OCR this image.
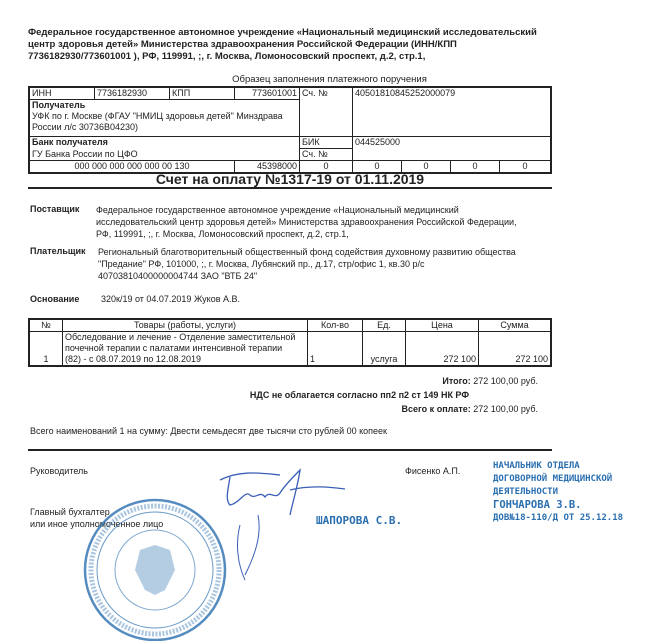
Федеральное государственное автономное учреждение «Национальный медицинский исследовательский
центр здоровья детей» Министерства здравоохранения Российской Федерации (ИНН/КПП
7736182930/773601001 ), РФ, 119991, ;, г. Москва, Ломоносовский проспект, д.2, стр.1,
Образец заполнения платежного поручения
ИНН	7736182930	КПП	773601001	Сч. №	40501810845252000079			

Получатель
УФК по г. Москве (ФГАУ "НМИЦ здоровья детей" Минздрава
России л/с 30736В04230)								

Банк получателя				БИК	044525000			
ГУ Банка России по ЦФО				Сч. №				
000 000 000 000 000 00 130			45398000	0	0	0	0	0
Счет на оплату №1317-19 от 01.11.2019
Поставщик Федеральное государственное автономное учреждение «Национальный медицинский
исследовательский центр здоровья детей» Министерства здравоохранения Российской Федерации,
РФ, 119991, ;, г. Москва, Ломоносовский проспект, д.2, стр.1,
Плательщик Региональный благотворительный общественный фонд содействия духовному развитию общества
"Предание" РФ, 101000, ;, г. Москва, Лубянский пр., д.17, стр/офис 1, кв.30 р/с
40703810400000004744 ЗАО "ВТБ 24"
Основание 320к/19 от 04.07.2019 Жуков А.В.
№	Товары (работы, услуги)	Кол-во	Ед.	Цена	Сумма
1	Обследование и лечение - Отделение заместительной
почечной терапии с палатами интенсивной терапии
(82) - с 08.07.2019 по 12.08.2019	1	услуга	272 100	272 100
Итого: 272 100,00 руб.
НДС не облагается согласно пп2 п2 ст 149 НК РФ
Всего к оплате: 272 100,00 руб.
Всего наименований 1 на сумму: Двести семьдесят две тысячи сто рублей 00 копеек
Руководитель	Фисенко А.П.
Главный бухгалтер
или иное уполномоченное лицо	ШАПОРОВА С.В.
НАЧАЛЬНИК ОТДЕЛА
ДОГОВОРНОЙ МЕДИЦИНСКОЙ
ДЕЯТЕЛЬНОСТИ
ГОНЧАРОВА З.В.
ДОВ№18-110/Д ОТ 25.12.18
